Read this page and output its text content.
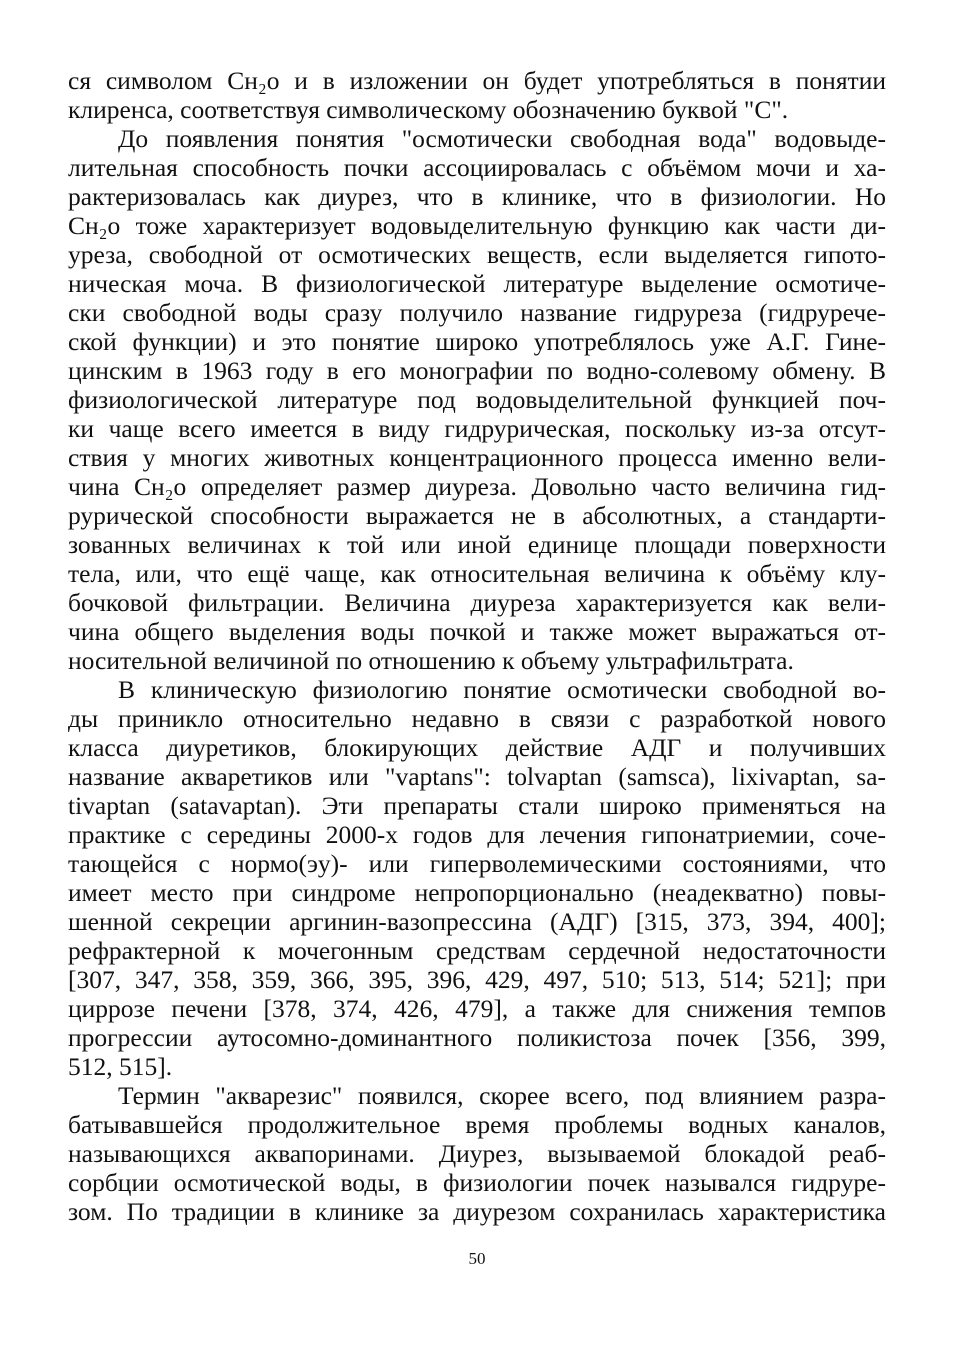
ся символом Cн₂о и в изложении он будет употребляться в понятии
клиренса, соответствуя символическому обозначению буквой "C".
До появления понятия "осмотически свободная вода" водовыде-
лительная способность почки ассоциировалась с объёмом мочи и ха-
рактеризовалась как диурез, что в клинике, что в физиологии. Но
Cн₂о тоже характеризует водовыделительную функцию как части ди-
уреза, свободной от осмотических веществ, если выделяется гипото-
ническая моча. В физиологической литературе выделение осмотиче-
ски свободной воды сразу получило название гидруреза (гидрурече-
ской функции) и это понятие широко употреблялось уже А.Г. Гине-
цинским в 1963 году в его монографии по водно-солевому обмену. В
физиологической литературе под водовыделительной функцией поч-
ки чаще всего имеется в виду гидрурическая, поскольку из-за отсут-
ствия у многих животных концентрационного процесса именно вели-
чина Cн₂о определяет размер диуреза. Довольно часто величина гид-
рурической способности выражается не в абсолютных, а стандарти-
зованных величинах к той или иной единице площади поверхности
тела, или, что ещё чаще, как относительная величина к объёму клу-
бочковой фильтрации. Величина диуреза характеризуется как вели-
чина общего выделения воды почкой и также может выражаться от-
носительной величиной по отношению к объему ультрафильтрата.
В клиническую физиологию понятие осмотически свободной во-
ды приникло относительно недавно в связи с разработкой нового
класса диуретиков, блокирующих действие АДГ и получивших
название акваретиков или "vaptans": tolvaptan (samsca), lixivaptan, sa-
tivaptan (satavaptan). Эти препараты стали широко применяться на
практике с середины 2000-х годов для лечения гипонатриемии, соче-
тающейся с нормо(эу)- или гиперволемическими состояниями, что
имеет место при синдроме непропорционально (неадекватно) повы-
шенной секреции аргинин-вазопрессина (АДГ) [315, 373, 394, 400];
рефрактерной к мочегонным средствам сердечной недостаточности
[307, 347, 358, 359, 366, 395, 396, 429, 497, 510; 513, 514; 521]; при
циррозе печени [378, 374, 426, 479], а также для снижения темпов
прогрессии аутосомно-доминантного поликистоза почек [356, 399,
512, 515].
Термин "акварезис" появился, скорее всего, под влиянием разра-
батывавшейся продолжительное время проблемы водных каналов,
называющихся аквапоринами. Диурез, вызываемой блокадой реаб-
сорбции осмотической воды, в физиологии почек назывался гидруре-
зом. По традиции в клинике за диурезом сохранилась характеристика
50
